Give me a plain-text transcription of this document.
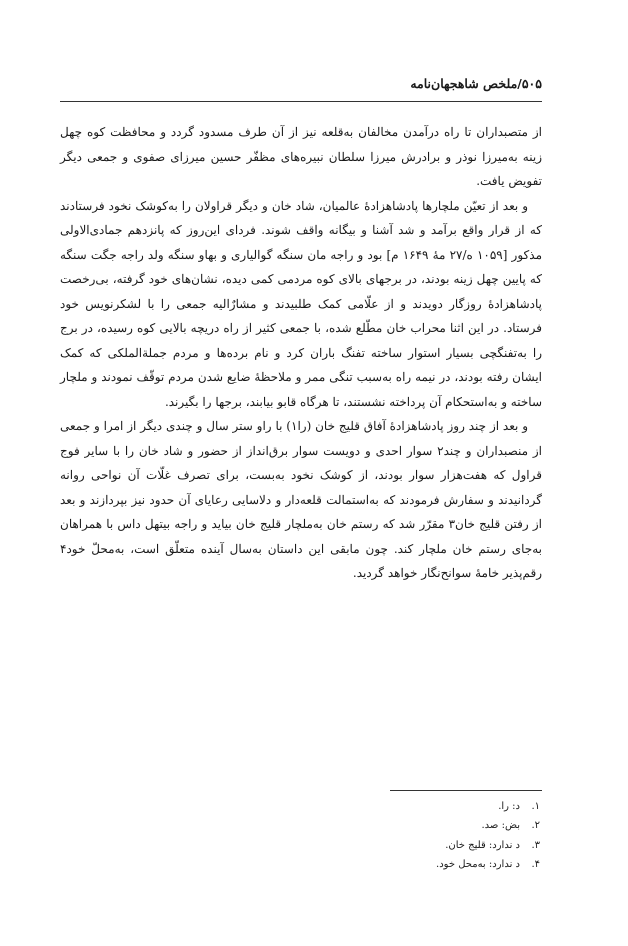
۵۰۵/ملخص شاهجهان‌نامه

از متصبداران تا راه درآمدن مخالفان به‌قلعه نیز از آن طرف مسدود گردد و محافظت کوه چهل زینه به‌میرزا نوذر و برادرش میرزا سلطان نبیره‌های مظفّر حسین میرزای صفوی و جمعی دیگر تفویض یافت.

و بعد از تعیّن ملچارها پادشاهزادهٔ عالمیان، شاد خان و دیگر قراولان را به‌کوشک نخود فرستادند که از قرار واقع برآمد و شد آشنا و بیگانه واقف شوند. فردای این‌روز که پانزدهم جمادی‌الاولی مذکور [۱۰۵۹ ه/۲۷ مهٔ ۱۶۴۹ م] بود و راجه مان سنگه گوالیاری و بهاو سنگه ولد راجه جگت سنگه که پایین چهل زینه بودند، در برجهای بالای کوه مردمی کمی دیده، نشان‌های خود گرفته، بی‌رخصت پادشاهزادهٔ روزگار دویدند و از علّامی کمک طلبیدند و مشارٌالیه جمعی را با لشکرنویس خود فرستاد. در این اثنا محراب خان مطّلع شده، با جمعی کثیر از راه دریچه بالایی کوه رسیده، در برج را به‌تفنگچی بسیار استوار ساخته تفنگ باران کرد و نام برده‌ها و مردم جملةالملکی که کمک ایشان رفته بودند، در نیمه راه به‌سبب تنگی ممر و ملاحظهٔ ضایع شدن مردم توقّف نمودند و ملچار ساخته و به‌استحکام آن پرداخته نشستند، تا هرگاه قابو بیابند، برجها را بگیرند.

و بعد از چند روز پادشاهزادهٔ آفاق قلیج خان (را۱) با راو ستر سال و چندی دیگر از امرا و جمعی از منصبداران و چند۲ سوار احدی و دویست سوار برق‌انداز از حضور و شاد خان را با سایر فوج قراول که هفت‌هزار سوار بودند، از کوشک نخود به‌بست، برای تصرف غلّات آن نواحی روانه گردانیدند و سفارش فرمودند که به‌استمالت قلعه‌دار و دلاسایی رعایای آن حدود نیز بپردازند و بعد از رفتن قلیج خان۳ مقرّر شد که رستم خان به‌ملچار قلیج خان بیاید و راجه بیتهل داس با همراهان به‌جای رستم خان ملچار کند. چون مابقی این داستان به‌سال آینده متعلّق است، به‌محلّ خود۴ رقم‌پذیر خامهٔ سوانح‌نگار خواهد گردید.

۱.د: را.

۲.بض: صد.

۳.د ندارد: قلیج خان.

۴.د ندارد: به‌محل خود.
